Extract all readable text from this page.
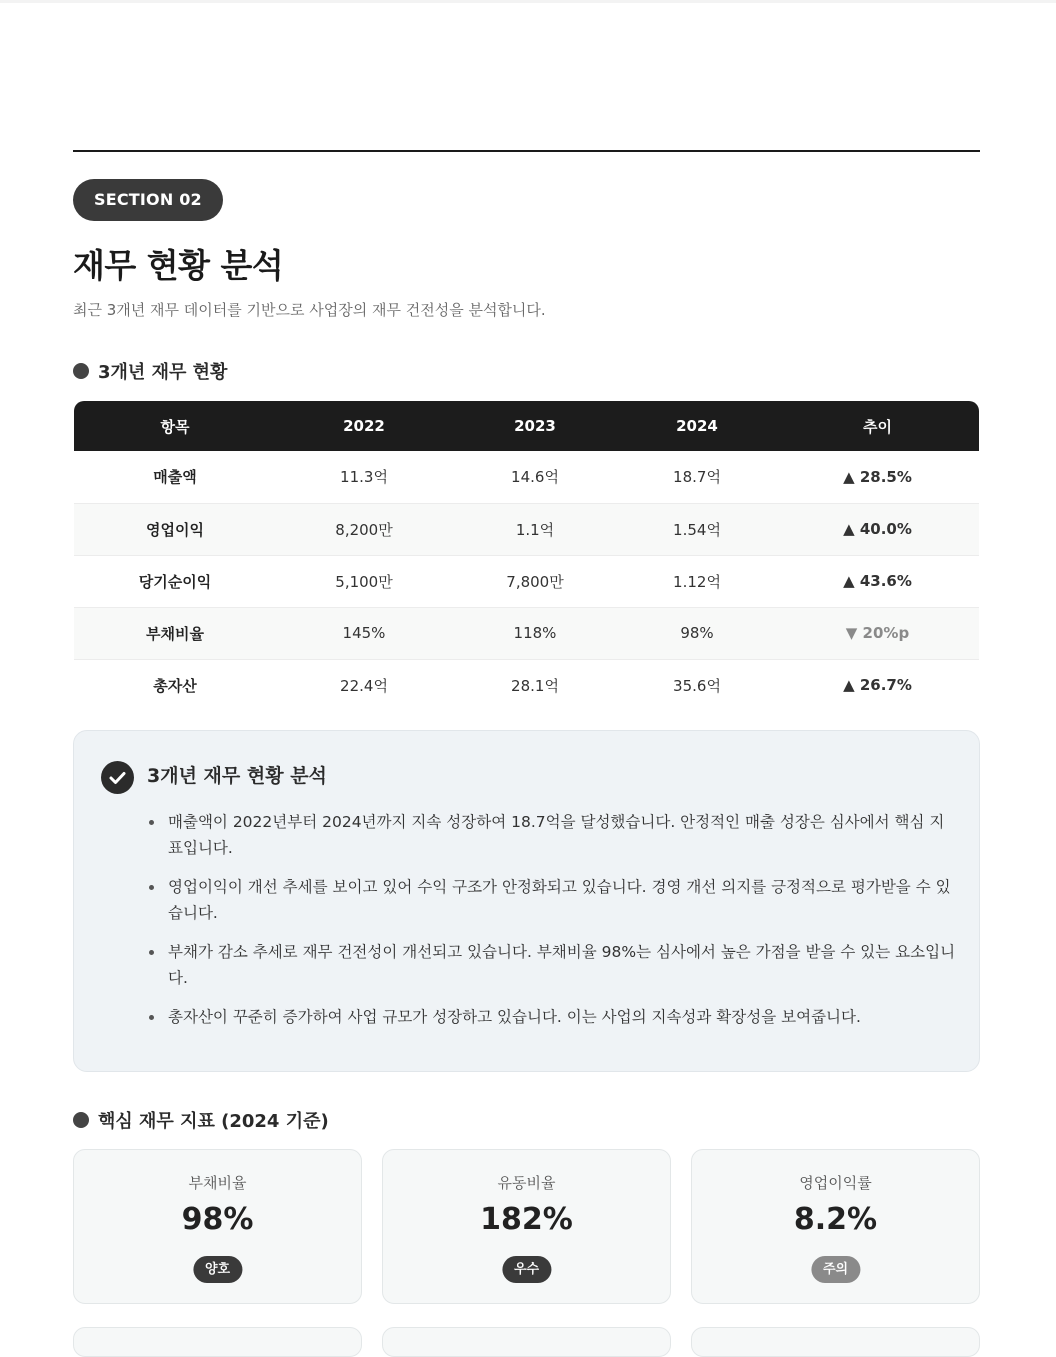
SECTION 02
재무 현황 분석

최근 3개년 재무 데이터를 기반으로 사업장의 재무 건전성을 분석합니다.

3개년 재무 현황
항목	2022	2023	2024	추이
매출액	11.3억	14.6억	18.7억	▲ 28.5%
영업이익	8,200만	1.1억	1.54억	▲ 40.0%
당기순이익	5,100만	7,800만	1.12억	▲ 43.6%
부채비율	145%	118%	98%	▼ 20%p
총자산	22.4억	28.1억	35.6억	▲ 26.7%
3개년 재무 현황 분석
매출액이 2022년부터 2024년까지 지속 성장하여 18.7억을 달성했습니다. 안정적인 매출 성장은 심사에서 핵심 지표입니다.
영업이익이 개선 추세를 보이고 있어 수익 구조가 안정화되고 있습니다. 경영 개선 의지를 긍정적으로 평가받을 수 있습니다.
부채가 감소 추세로 재무 건전성이 개선되고 있습니다. 부채비율 98%는 심사에서 높은 가점을 받을 수 있는 요소입니다.
총자산이 꾸준히 증가하여 사업 규모가 성장하고 있습니다. 이는 사업의 지속성과 확장성을 보여줍니다.
핵심 재무 지표 (2024 기준)
부채비율
98%
양호
유동비율
182%
우수
영업이익률
8.2%
주의
